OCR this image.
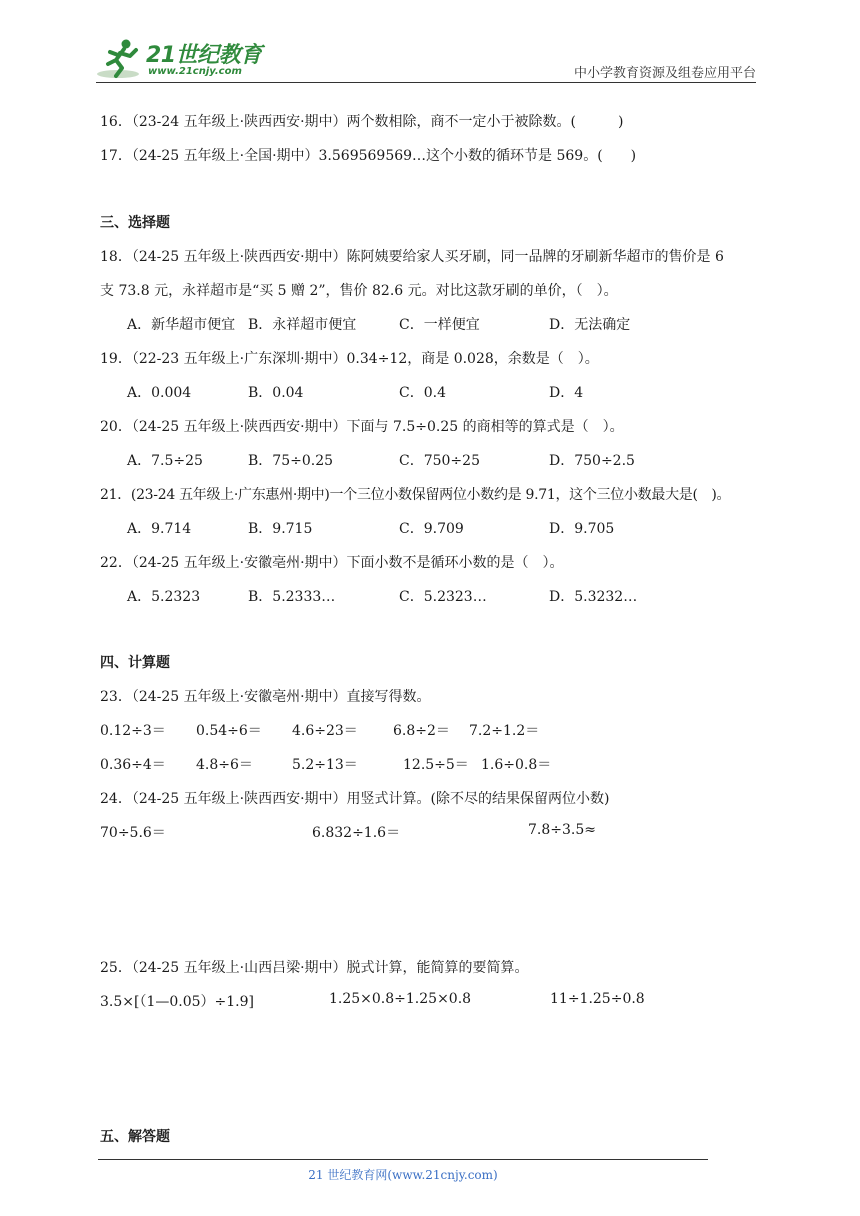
21世纪教育
www.21cnjy.com	中小学教育资源及组卷应用平台
16．（23-24 五年级上·陕西西安·期中）两个数相除，商不一定小于被除数。(　　　)
17．（24-25 五年级上·全国·期中）3.569569569…这个小数的循环节是 569。(　　)
三、选择题
18．（24-25 五年级上·陕西西安·期中）陈阿姨要给家人买牙刷，同一品牌的牙刷新华超市的售价是 6
支 73.8 元，永祥超市是“买 5 赠 2”，售价 82.6 元。对比这款牙刷的单价，（　）。
A．新华超市便宜 B．永祥超市便宜	C．一样便宜	D．无法确定
19．（22-23 五年级上·广东深圳·期中）0.34÷12，商是 0.028，余数是（　）。
A．0.004	B．0.04	C．0.4	D．4
20．（24-25 五年级上·陕西西安·期中）下面与 7.5÷0.25 的商相等的算式是（　）。
A．7.5÷25	B．75÷0.25	C．750÷25	D．750÷2.5
21．(23-24 五年级上·广东惠州·期中)一个三位小数保留两位小数约是 9.71，这个三位小数最大是(　)。
A．9.714	B．9.715	C．9.709	D．9.705
22．（24-25 五年级上·安徽亳州·期中）下面小数不是循环小数的是（　）。
A．5.2323	B．5.2333…	C．5.2323…	D．5.3232…
四、计算题
23．（24-25 五年级上·安徽亳州·期中）直接写得数。
0.12÷3＝ 0.54÷6＝ 4.6÷23＝	6.8÷2＝ 7.2÷1.2＝
0.36÷4＝ 4.8÷6＝	5.2÷13＝	12.5÷5＝ 1.6÷0.8＝
24．（24-25 五年级上·陕西西安·期中）用竖式计算。(除不尽的结果保留两位小数)
70÷5.6＝	6.832÷1.6＝	7.8÷3.5≈
25．（24-25 五年级上·山西吕梁·期中）脱式计算，能简算的要简算。
3.5×[（1—0.05）÷1.9]	1.25×0.8÷1.25×0.8	11÷1.25÷0.8
五、解答题
21 世纪教育网(www.21cnjy.com)
